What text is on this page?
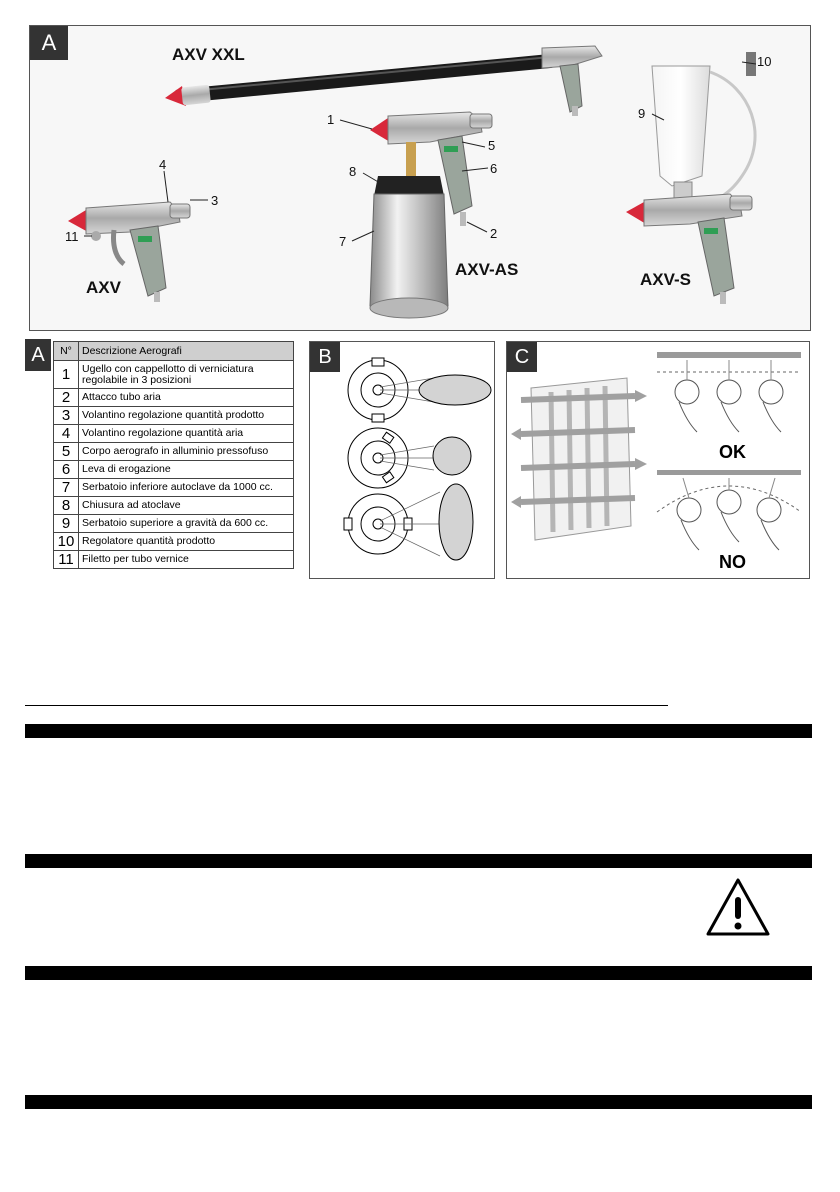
A	AXV XXL
AXV-AS
AXV-S
AXV
1
2
3
4
5
6
7
8
9
10
11
A	N°	Descrizione Aerografi
1	Ugello con cappellotto di verniciatura regolabile in 3 posizioni
2	Attacco tubo aria
3	Volantino regolazione quantità prodotto
4	Volantino regolazione quantità aria
5	Corpo aerografo in alluminio pressofuso
6	Leva di erogazione
7	Serbatoio inferiore autoclave da 1000 cc.
8	Chiusura ad atoclave
9	Serbatoio superiore a gravità da 600 cc.
10	Regolatore quantità prodotto
11	Filetto per tubo vernice
B	C
OK
NO
